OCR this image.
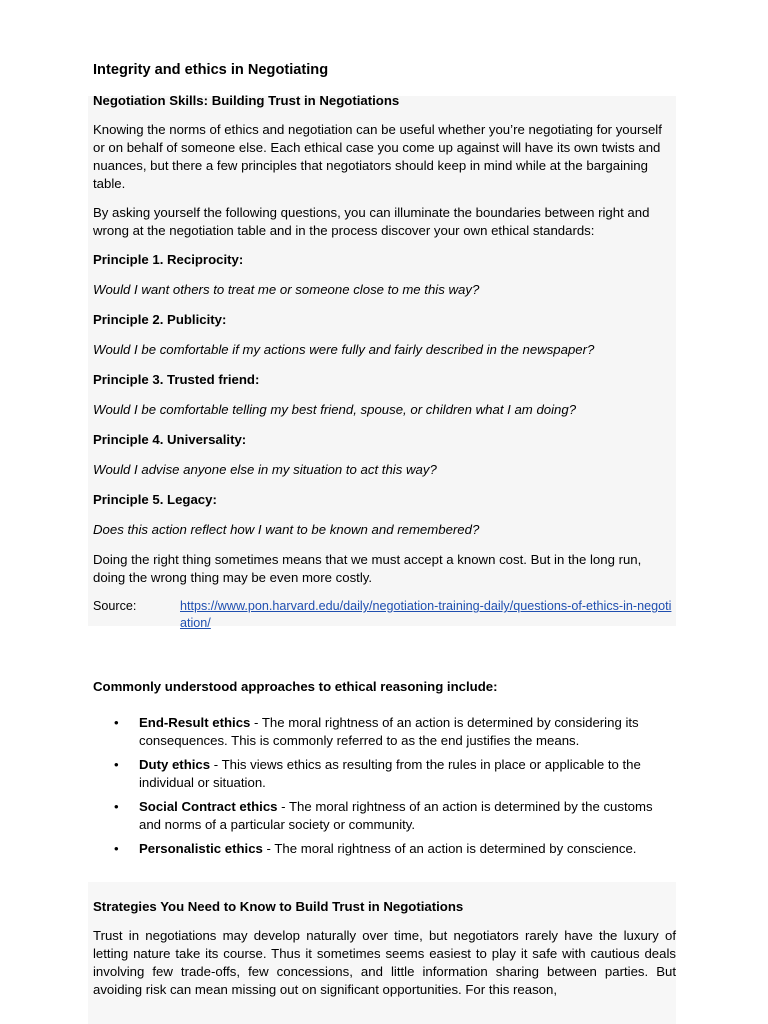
Integrity and ethics in Negotiating
Negotiation Skills: Building Trust in Negotiations

Knowing the norms of ethics and negotiation can be useful whether you’re negotiating for yourself or on behalf of someone else. Each ethical case you come up against will have its own twists and nuances, but there a few principles that negotiators should keep in mind while at the bargaining table.

By asking yourself the following questions, you can illuminate the boundaries between right and wrong at the negotiation table and in the process discover your own ethical standards:

Principle 1. Reciprocity:

Would I want others to treat me or someone close to me this way?

Principle 2. Publicity:

Would I be comfortable if my actions were fully and fairly described in the newspaper?

Principle 3. Trusted friend:

Would I be comfortable telling my best friend, spouse, or children what I am doing?

Principle 4. Universality:

Would I advise anyone else in my situation to act this way?

Principle 5. Legacy:

Does this action reflect how I want to be known and remembered?

Doing the right thing sometimes means that we must accept a known cost. But in the long run, doing the wrong thing may be even more costly.

Source:	https://www.pon.harvard.edu/daily/negotiation-training-daily/questions-of-ethics-in-negotiation/
Commonly understood approaches to ethical reasoning include:
• End-Result ethics - The moral rightness of an action is determined by considering its consequences. This is commonly referred to as the end justifies the means.
• Duty ethics - This views ethics as resulting from the rules in place or applicable to the individual or situation.
• Social Contract ethics - The moral rightness of an action is determined by the customs and norms of a particular society or community.
• Personalistic ethics - The moral rightness of an action is determined by conscience.
Strategies You Need to Know to Build Trust in Negotiations

Trust in negotiations may develop naturally over time, but negotiators rarely have the luxury of letting nature take its course. Thus it sometimes seems easiest to play it safe with cautious deals involving few trade-offs, few concessions, and little information sharing between parties. But avoiding risk can mean missing out on significant opportunities. For this reason,
